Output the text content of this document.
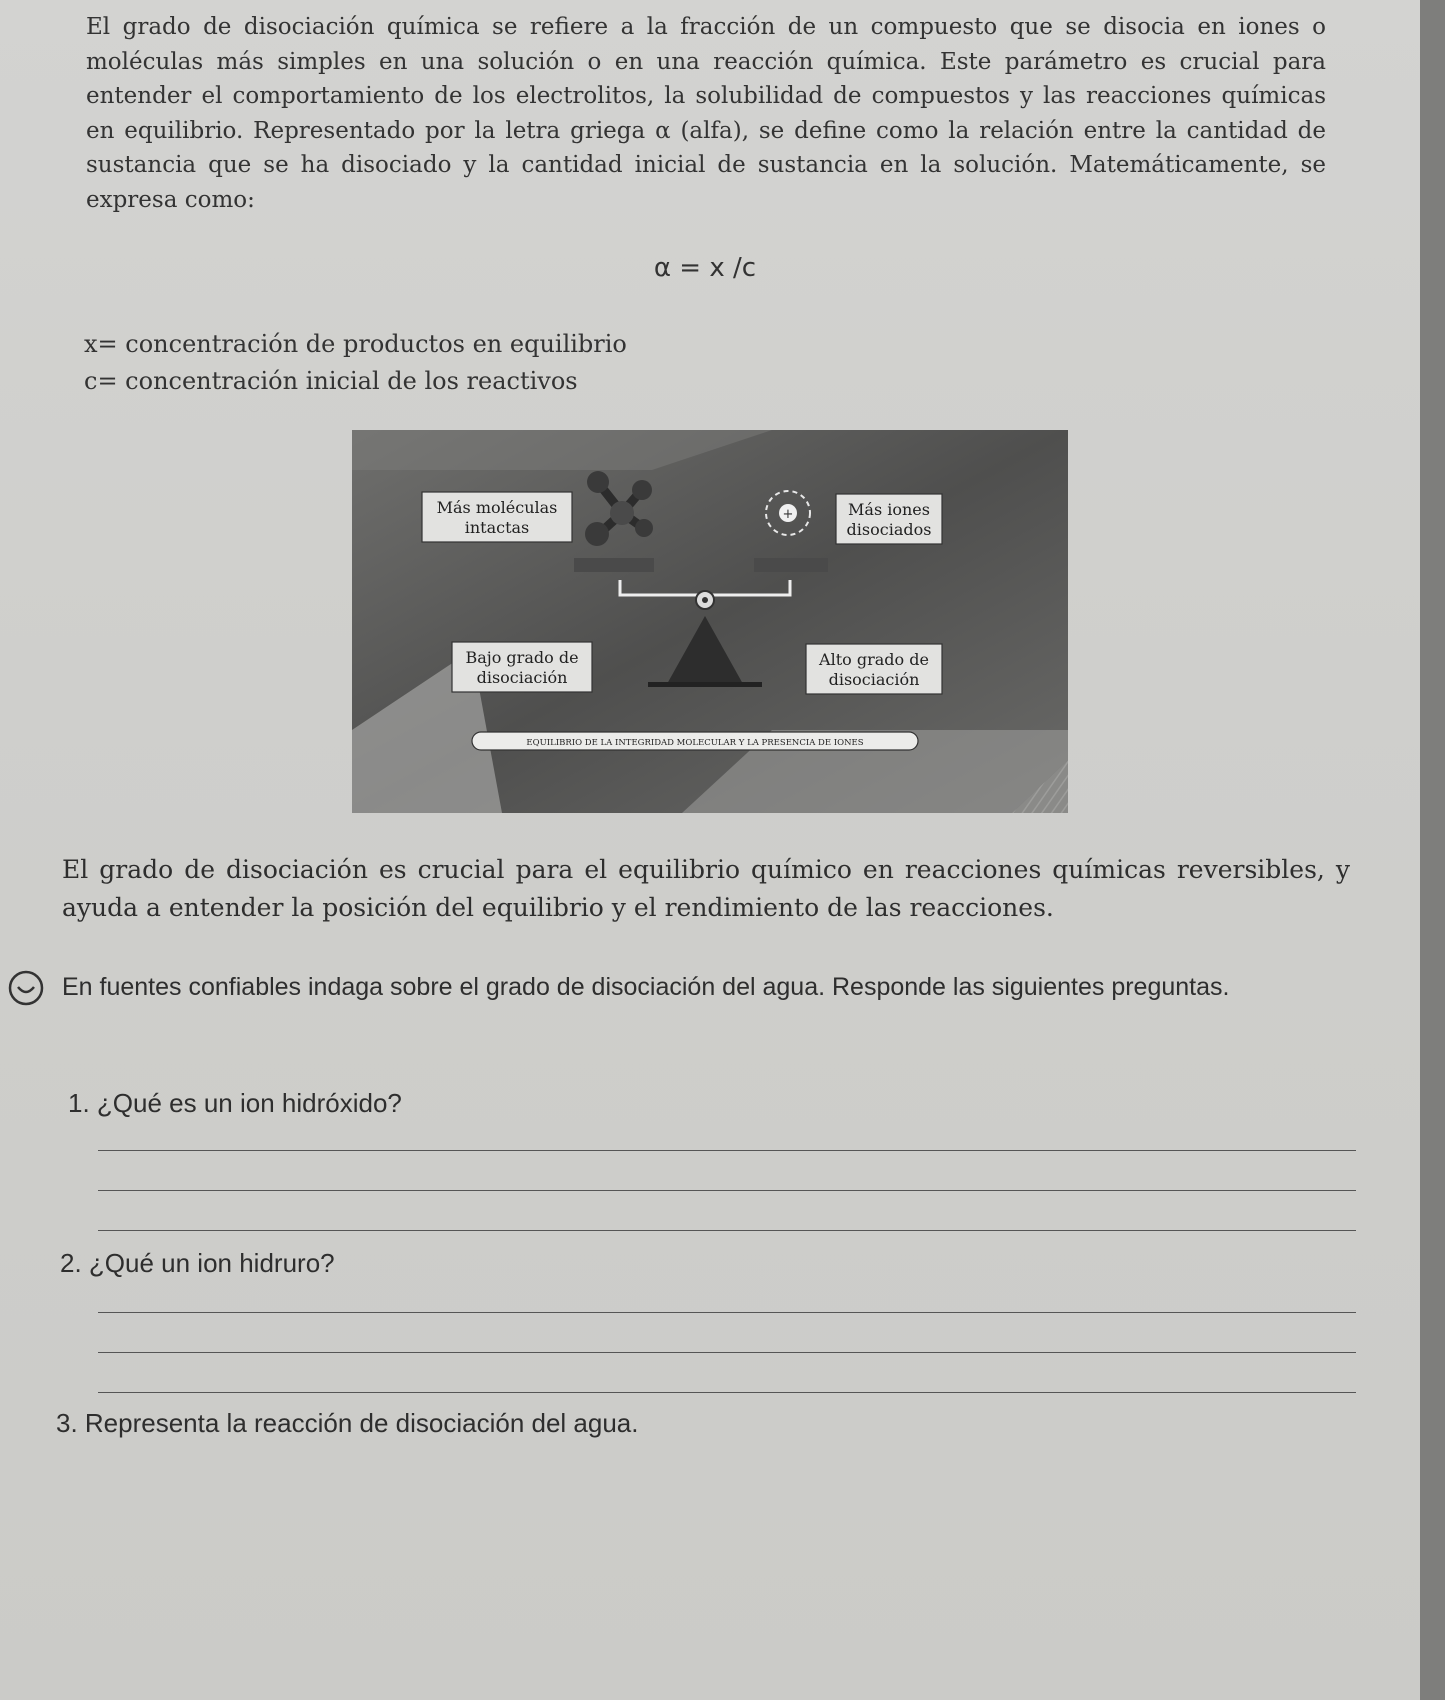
El grado de disociación química se refiere a la fracción de un compuesto que se disocia en iones o moléculas más simples en una solución o en una reacción química. Este parámetro es crucial para entender el comportamiento de los electrolitos, la solubilidad de compuestos y las reacciones químicas en equilibrio. Representado por la letra griega α (alfa), se define como la relación entre la cantidad de sustancia que se ha disociado y la cantidad inicial de sustancia en la solución. Matemáticamente, se expresa como:

α = x /c
x= concentración de productos en equilibrio
c= concentración inicial de los reactivos
+
Más moléculas
intactas
Más iones
disociados
Bajo grado de
disociación
Alto grado de
disociación
EQUILIBRIO DE LA INTEGRIDAD MOLECULAR Y LA PRESENCIA DE IONES

El grado de disociación es crucial para el equilibrio químico en reacciones químicas reversibles, y ayuda a entender la posición del equilibrio y el rendimiento de las reacciones.

En fuentes confiables indaga sobre el grado de disociación del agua. Responde las siguientes preguntas.

1. ¿Qué es un ion hidróxido?
2. ¿Qué un ion hidruro?
3. Representa la reacción de disociación del agua.
